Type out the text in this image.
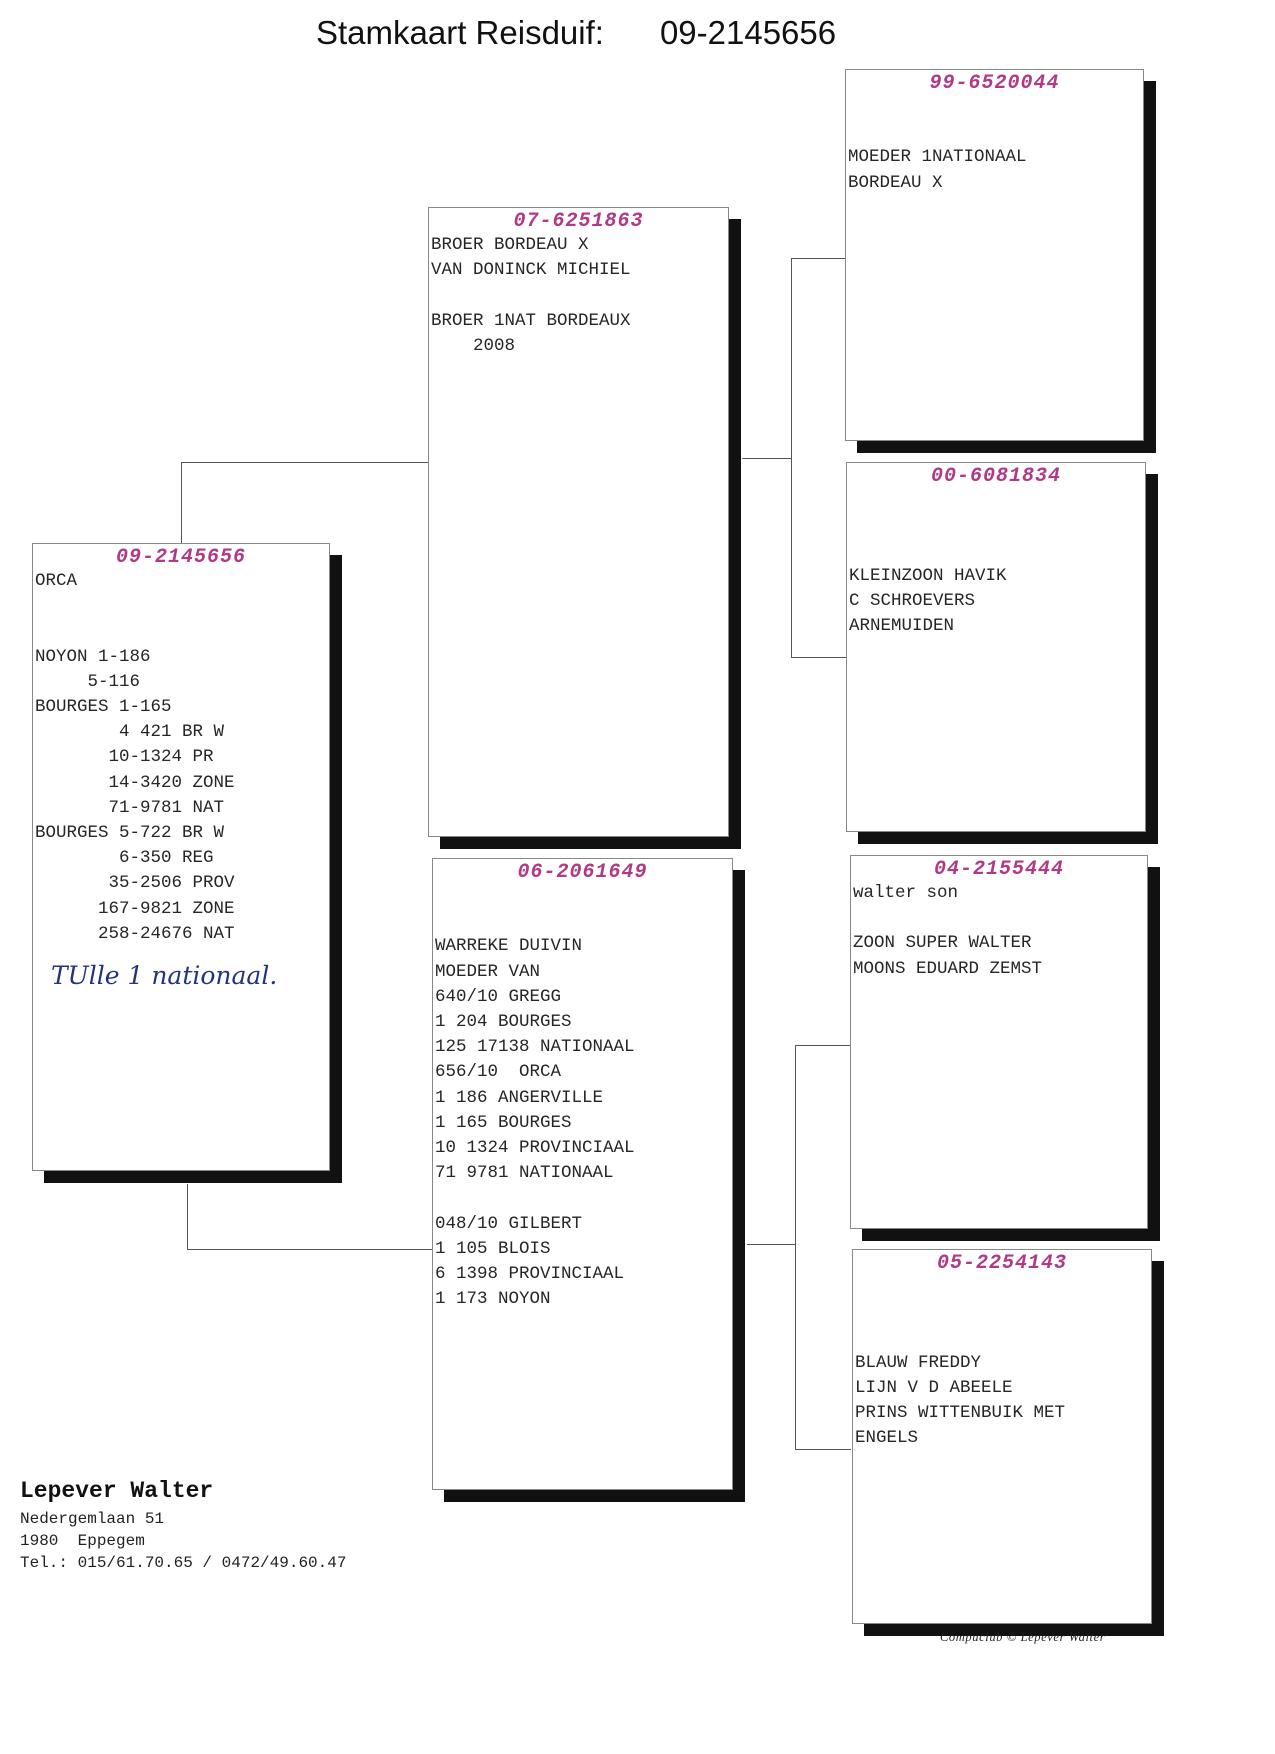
Stamkaart Reisduif: 09-2145656
09-2145656
ORCA
NOYON 1-186
5-116
BOURGES 1-165
4 421 BR W
10-1324 PR
14-3420 ZONE
71-9781 NAT
BOURGES 5-722 BR W
6-350 REG
35-2506 PROV
167-9821 ZONE
258-24676 NAT
TUlle 1 nationaal.
07-6251863
BROER BORDEAU X
VAN DONINCK MICHIEL
BROER 1NAT BORDEAUX
2008
06-2061649
WARREKE DUIVIN
MOEDER VAN
640/10 GREGG
1 204 BOURGES
125 17138 NATIONAAL
656/10  ORCA
1 186 ANGERVILLE
1 165 BOURGES
10 1324 PROVINCIAAL
71 9781 NATIONAAL
048/10 GILBERT
1 105 BLOIS
6 1398 PROVINCIAAL
1 173 NOYON
99-6520044
MOEDER 1NATIONAAL
BORDEAU X
00-6081834
KLEINZOON HAVIK
C SCHROEVERS
ARNEMUIDEN
04-2155444
walter son
ZOON SUPER WALTER
MOONS EDUARD ZEMST
05-2254143
BLAUW FREDDY
LIJN V D ABEELE
PRINS WITTENBUIK MET
ENGELS
Lepever Walter
Nedergemlaan 51
1980  Eppegem
Tel.: 015/61.70.65 / 0472/49.60.47
Compuclub © Lepever Walter
